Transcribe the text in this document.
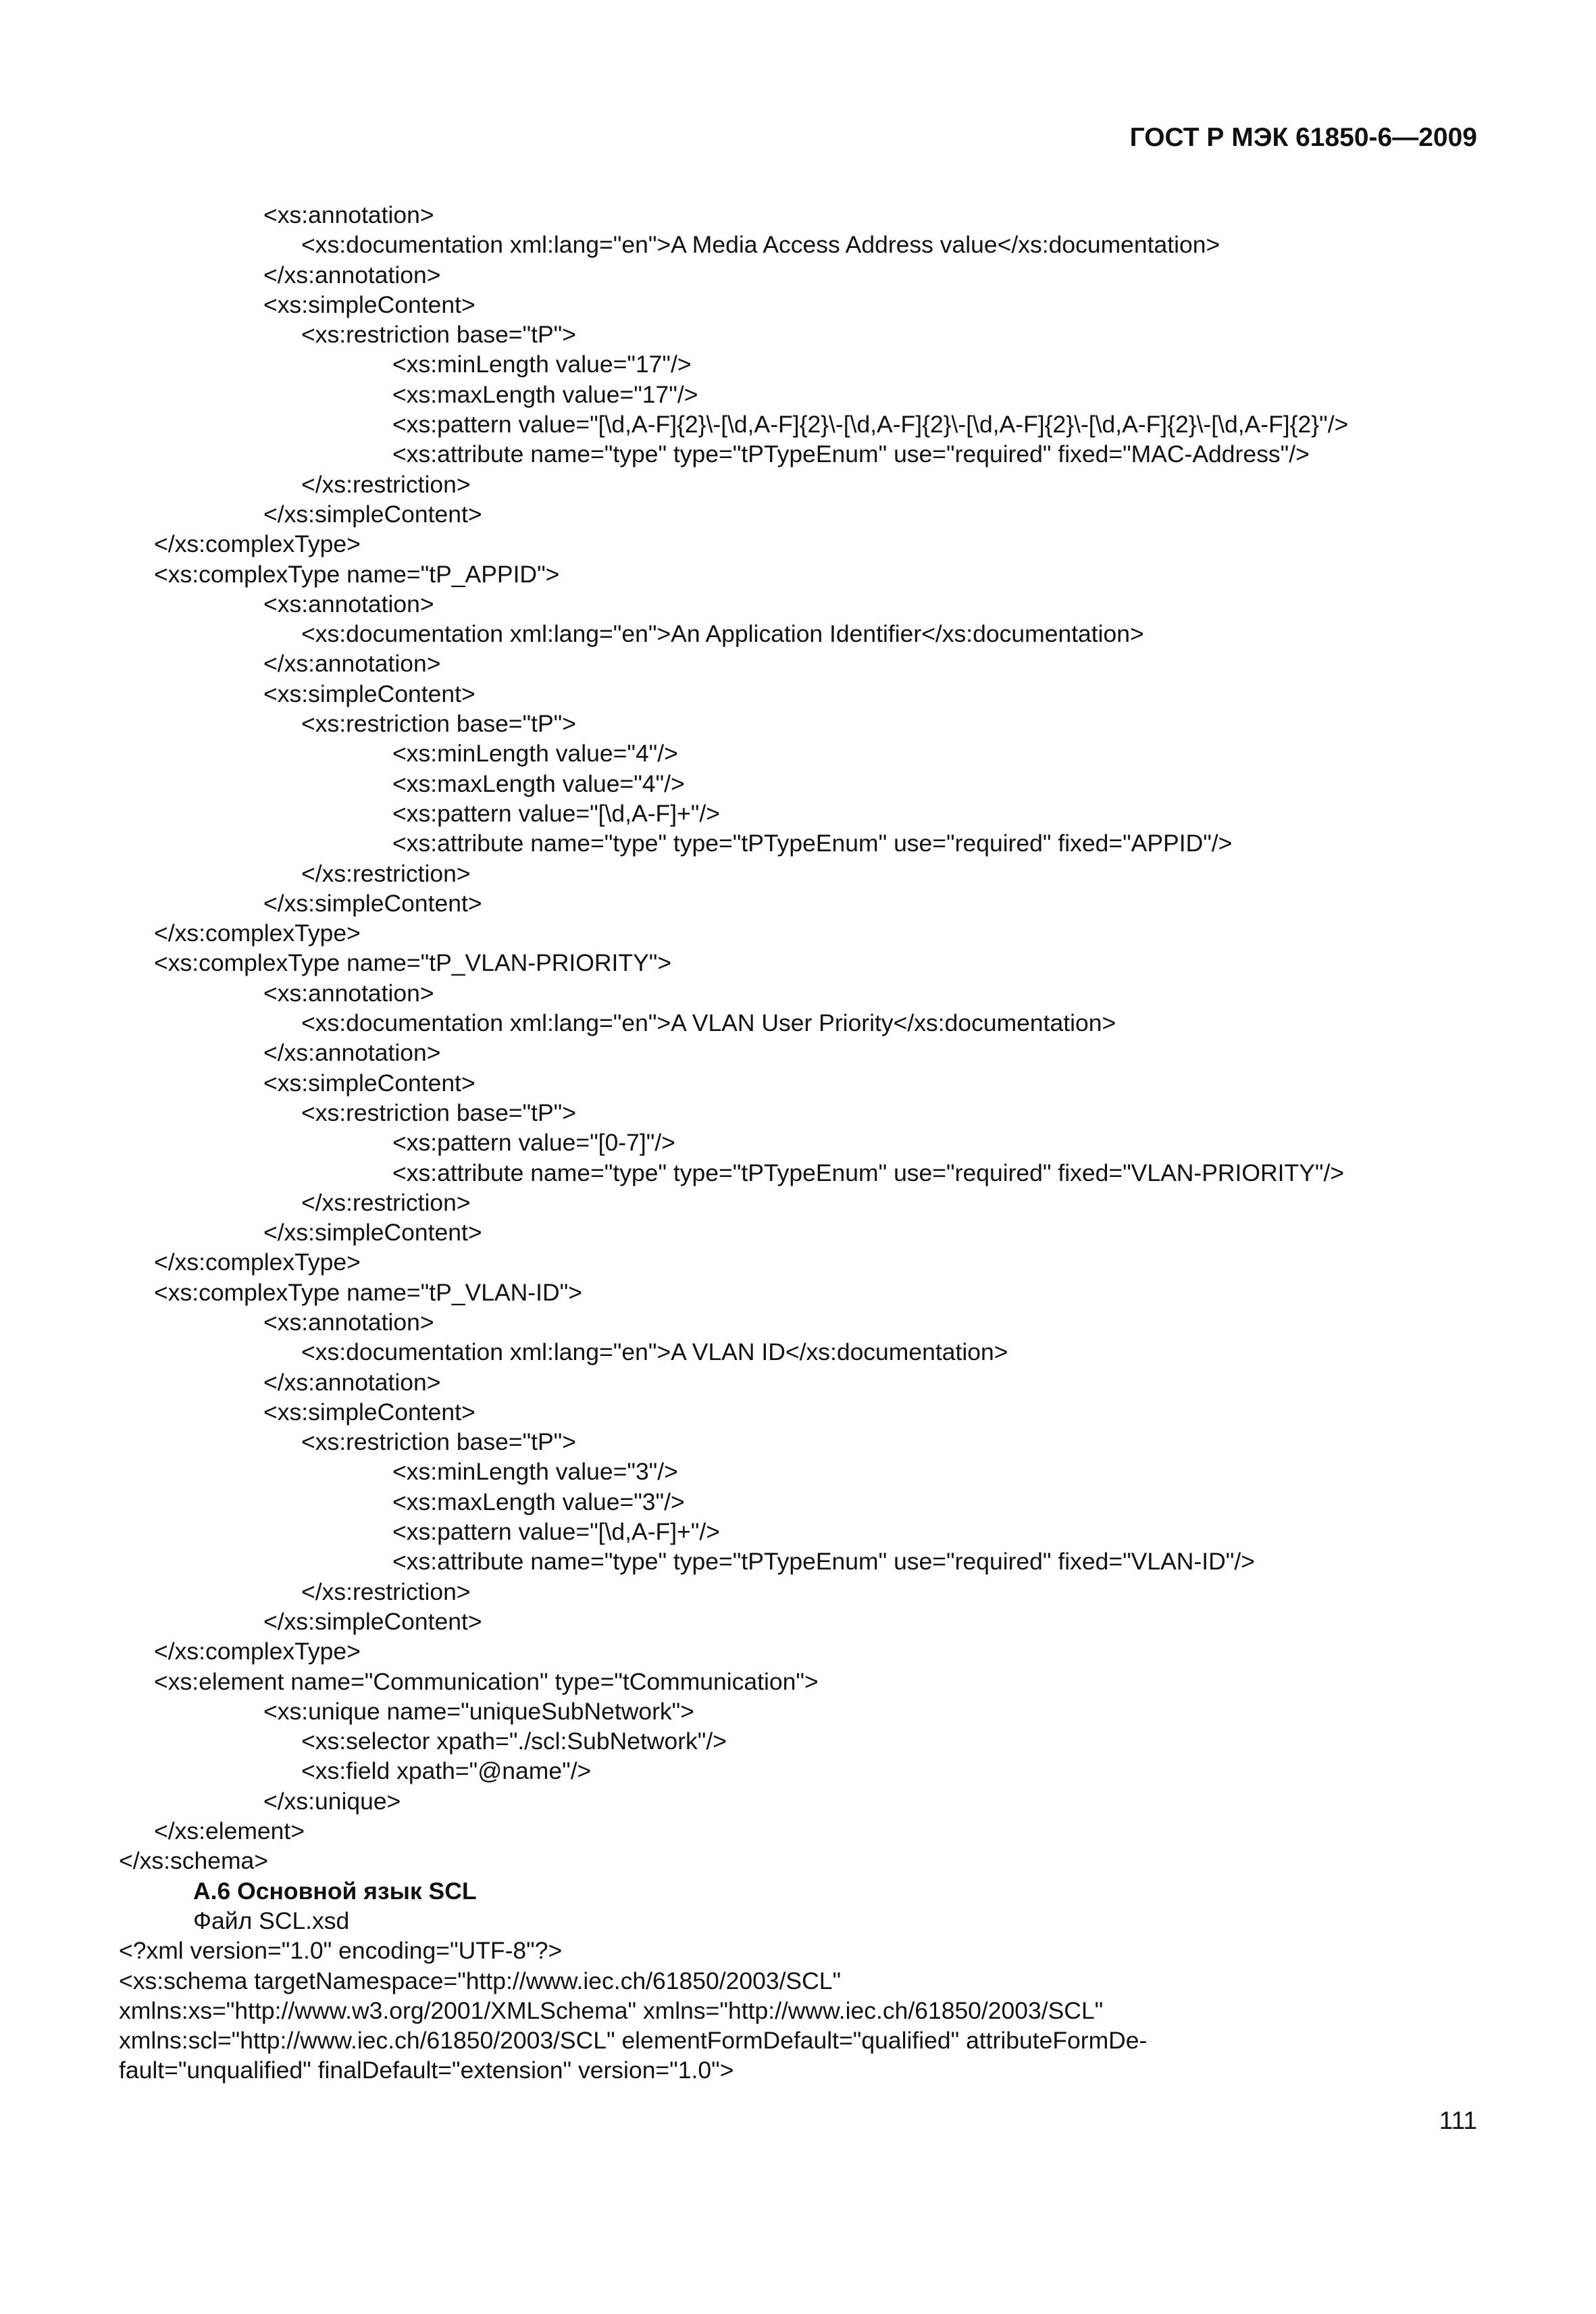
ГОСТ Р МЭК 61850-6—2009
<xs:annotation>
<xs:documentation xml:lang="en">A Media Access Address value</xs:documentation>
</xs:annotation>
<xs:simpleContent>
<xs:restriction base="tP">
<xs:minLength value="17"/>
<xs:maxLength value="17"/>
<xs:pattern value="[\d,A-F]{2}\-[\d,A-F]{2}\-[\d,A-F]{2}\-[\d,A-F]{2}\-[\d,A-F]{2}\-[\d,A-F]{2}"/>
<xs:attribute name="type" type="tPTypeEnum" use="required" fixed="MAC-Address"/>
</xs:restriction>
</xs:simpleContent>
</xs:complexType>
<xs:complexType name="tP_APPID">
<xs:annotation>
<xs:documentation xml:lang="en">An Application Identifier</xs:documentation>
</xs:annotation>
<xs:simpleContent>
<xs:restriction base="tP">
<xs:minLength value="4"/>
<xs:maxLength value="4"/>
<xs:pattern value="[\d,A-F]+"/>
<xs:attribute name="type" type="tPTypeEnum" use="required" fixed="APPID"/>
</xs:restriction>
</xs:simpleContent>
</xs:complexType>
<xs:complexType name="tP_VLAN-PRIORITY">
<xs:annotation>
<xs:documentation xml:lang="en">A VLAN User Priority</xs:documentation>
</xs:annotation>
<xs:simpleContent>
<xs:restriction base="tP">
<xs:pattern value="[0-7]"/>
<xs:attribute name="type" type="tPTypeEnum" use="required" fixed="VLAN-PRIORITY"/>
</xs:restriction>
</xs:simpleContent>
</xs:complexType>
<xs:complexType name="tP_VLAN-ID">
<xs:annotation>
<xs:documentation xml:lang="en">A VLAN ID</xs:documentation>
</xs:annotation>
<xs:simpleContent>
<xs:restriction base="tP">
<xs:minLength value="3"/>
<xs:maxLength value="3"/>
<xs:pattern value="[\d,A-F]+"/>
<xs:attribute name="type" type="tPTypeEnum" use="required" fixed="VLAN-ID"/>
</xs:restriction>
</xs:simpleContent>
</xs:complexType>
<xs:element name="Communication" type="tCommunication">
<xs:unique name="uniqueSubNetwork">
<xs:selector xpath="./scl:SubNetwork"/>
<xs:field xpath="@name"/>
</xs:unique>
</xs:element>
</xs:schema>
А.6 Основной язык SCL
Файл SCL.xsd
<?xml version="1.0" encoding="UTF-8"?>
<xs:schema targetNamespace="http://www.iec.ch/61850/2003/SCL"
xmlns:xs="http://www.w3.org/2001/XMLSchema" xmlns="http://www.iec.ch/61850/2003/SCL"
xmlns:scl="http://www.iec.ch/61850/2003/SCL" elementFormDefault="qualified" attributeFormDe-
fault="unqualified" finalDefault="extension" version="1.0">
111
